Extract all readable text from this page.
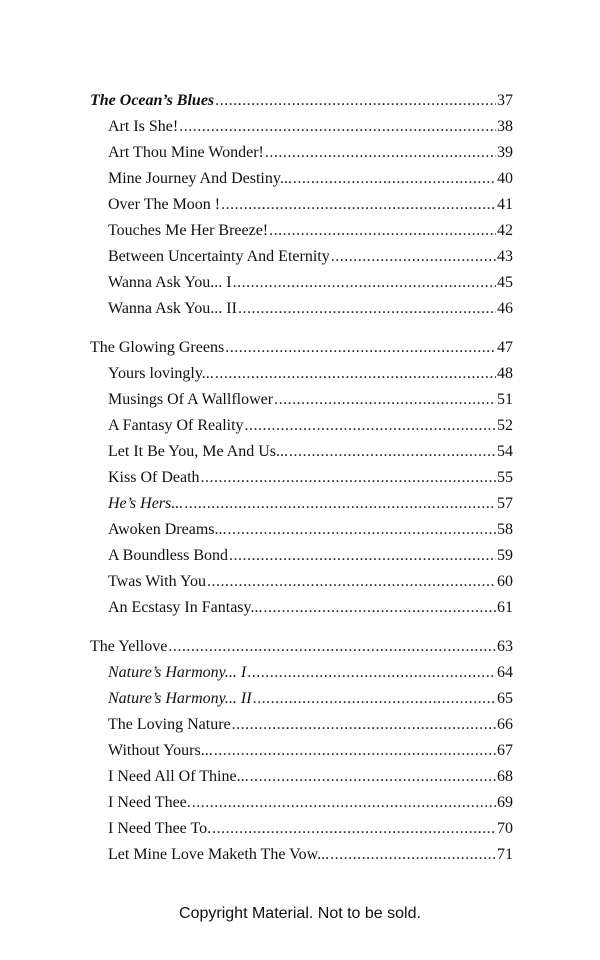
The Ocean’s Blues .....	37
Art Is She! .....	38
Art Thou Mine Wonder! .....	39
Mine Journey And Destiny... .....	40
Over The Moon ! .....	41
Touches Me Her Breeze! .....	42
Between Uncertainty And Eternity .....	43
Wanna Ask You... I .....	45
Wanna Ask You... II .....	46
The Glowing Greens .....	47
Yours lovingly... .....	48
Musings Of A Wallflower .....	51
A Fantasy Of Reality .....	52
Let It Be You, Me And Us... .....	54
Kiss Of Death .....	55
He’s Hers... .....	57
Awoken Dreams... .....	58
A Boundless Bond .....	59
Twas With You .....	60
An Ecstasy In Fantasy... .....	61
The Yellove .....	63
Nature’s Harmony... I .....	64
Nature’s Harmony... II .....	65
The Loving Nature .....	66
Without Yours... .....	67
I Need All Of Thine... .....	68
I Need Thee. .....	69
I Need Thee To. .....	70
Let Mine Love Maketh The Vow... .....	71
Copyright Material. Not to be sold.
